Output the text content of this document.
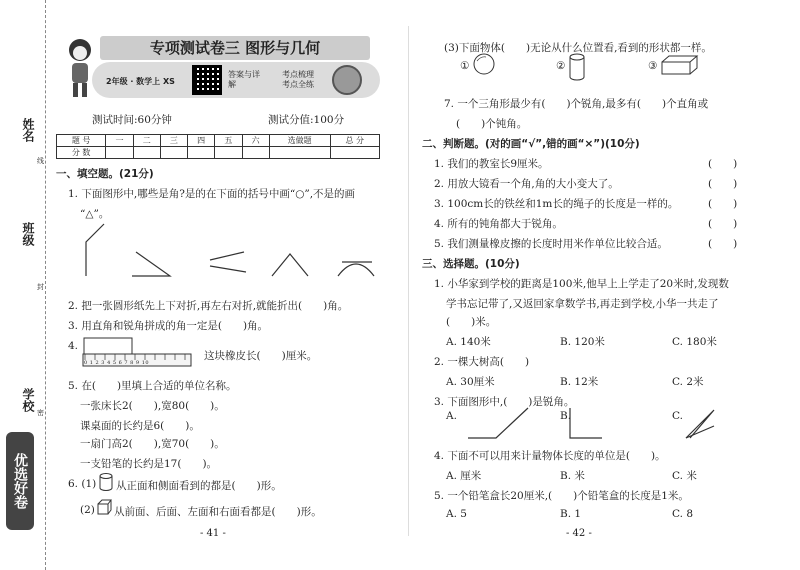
姓名
班级
学校
线
封
密
优选好卷
专项测试卷三 图形与几何
2年级 · 数学上 XS
答案与详解
考点梳理 考点全练
测试时间:60分钟	测试分值:100分
题 号	一	二	三	四	五	六	选做题	总 分
分 数								
一、填空题。(21分)
1. 下面图形中,哪些是角?是的在下面的括号中画“○”,不是的画
“△”。
2. 把一张圆形纸先上下对折,再左右对折,就能折出(　　)角。
3. 用直角和锐角拼成的角一定是(　　)角。
4.
0 1 2 3 4 5 6 7 8 9 10
这块橡皮长(　　)厘米。
5. 在(　　)里填上合适的单位名称。
一张床长2(　　),宽80(　　)。
课桌面的长约是6(　　)。
一扇门高2(　　),宽70(　　)。
一支铅笔的长约是17(　　)。
6. (1) 从正面和侧面看到的都是(　　)形。
(2) 从前面、后面、左面和右面看都是(　　)形。
- 41 -
(3)下面物体(　　)无论从什么位置看,看到的形状都一样。
①	②	③
7. 一个三角形最少有(　　)个锐角,最多有(　　)个直角或
(　　)个钝角。
二、判断题。(对的画“√”,错的画“×”)(10分)
1. 我们的教室长9厘米。	(　　)
2. 用放大镜看一个角,角的大小变大了。	(　　)
3. 100cm长的铁丝和1m长的绳子的长度是一样的。	(　　)
4. 所有的钝角都大于锐角。	(　　)
5. 我们测量橡皮擦的长度时用米作单位比较合适。	(　　)
三、选择题。(10分)
1. 小华家到学校的距离是100米,他早上上学走了20米时,发现数
学书忘记带了,又返回家拿数学书,再走到学校,小华一共走了
(　　)米。
A. 140米	B. 120米	C. 180米
2. 一棵大树高(　　)
A. 30厘米	B. 12米	C. 2米
3. 下面图形中,(　　)是锐角。
A.	B.	C.
4. 下面不可以用来计量物体长度的单位是(　　)。
A. 厘米	B. 米	C. 米
5. 一个铅笔盒长20厘米,(　　)个铅笔盒的长度是1米。
A. 5	B. 1	C. 8
- 42 -
